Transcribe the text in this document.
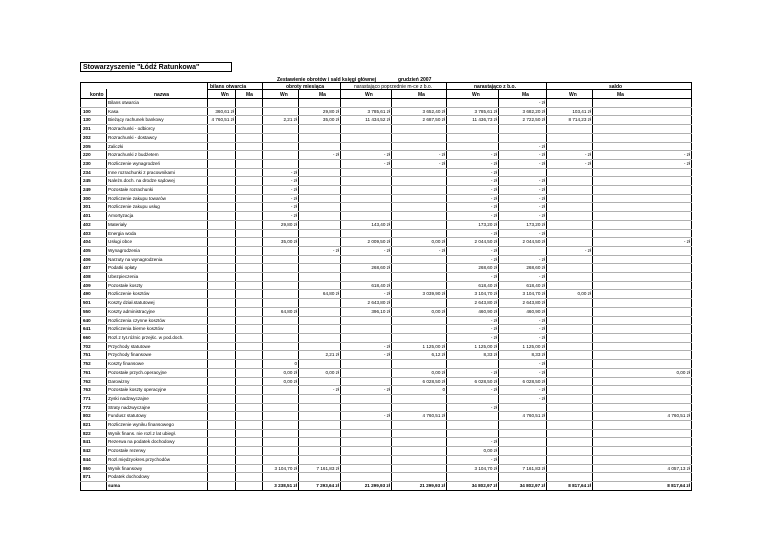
Stowarzyszenie "Łódź Ratunkowa"
Zestawienie obrotów i sald księgi głównej	grudzień 2007
bilans otwarcia	obroty miesiąca	narastająco poprzednie m-ce z b.o.	narastająco z b.o.	saldo
konto	nazwa	Wn	Ma	Wn	Ma	Wn	Ma	Wn	Ma	Wn	Ma
	Bilans otwarcia								- zł		
100	Kasa	360,61 zł			29,80 zł	3 785,61 zł	3 652,40 zł	3 785,61 zł	3 682,20 zł	103,41 zł	
130	Bieżący rachunek bankowy	4 760,51 zł		2,21 zł	35,00 zł	11 434,52 zł	2 687,50 zł	11 436,73 zł	2 722,50 zł	8 714,23 zł	
201	Rozrachunki - odbiorcy										
202	Rozrachunki - dostawcy										
205	Zaliczki								- zł		
220	Rozrachunki z budżetem				- zł	- zł	- zł	- zł	- zł	- zł	- zł
230	Rozliczenie wynagrodzeń					- zł	- zł	- zł	- zł	- zł	- zł
234	Inne rozrachunki z pracownikami			- zł				- zł			
245	Należn.doch. na drodze sądowej			- zł				- zł	- zł		
249	Pozostałe rozrachunki			- zł				- zł	- zł		
300	Rozliczenie zakupu towarów			- zł				- zł	- zł		
301	Rozliczenie zakupu usług			- zł				- zł	- zł		
401	Amortyzacja			- zł				- zł	- zł		
402	Materiały			29,80 zł		143,40 zł		173,20 zł	173,20 zł		
403	Energia woda							- zł	- zł		
404	Usługi obce			35,00 zł		2 009,50 zł	0,00 zł	2 044,50 zł	2 044,50 zł		- zł
405	Wynagrodzenia				- zł	- zł	- zł	- zł		- zł	
406	Narzuty na wynagrodzenia							- zł	- zł		
407	Podatki opłaty					268,60 zł		268,60 zł	268,60 zł		
408	Ubezpieczenia							- zł	- zł		
409	Pozostałe koszty					618,40 zł		618,40 zł	618,40 zł		
490	Rozliczenie kosztów				64,80 zł	- zł	3 039,90 zł	3 104,70 zł	3 104,70 zł	0,00 zł	
501	Koszty dział.statutowej					2 643,80 zł		2 643,80 zł	2 643,80 zł		
550	Koszty administracyjne			64,80 zł		396,10 zł	0,00 zł	460,90 zł	460,90 zł		
640	Rozliczenia czynne kosztów							- zł	- zł		
641	Rozliczenia bierne kosztów							- zł	- zł		
660	Rozl.z tyt.różnic przejśc. w pod.doch.							- zł	- zł		
702	Przychody statutowe					- zł	1 125,00 zł	1 125,00 zł	1 125,00 zł		
751	Przychody finansowe				2,21 zł	- zł	6,12 zł	8,33 zł	8,33 zł		
752	Koszty finansowe			0					- zł		
761	Pozostałe przych.operacyjne			0,00 zł	0,00 zł		0,00 zł	- zł	- zł		0,00 zł
762	Darowizny			0,00 zł			6 028,50 zł	6 028,50 zł	6 028,50 zł		
763	Pozostałe koszty operacyjne				- zł	- zł	0	- zł	- zł		
771	Zyski nadzwyczajne								- zł		
772	Straty nadzwyczajne							- zł			
802	Fundusz statutowy					- zł	4 760,51 zł		4 760,51 zł		4 760,51 zł
821	Rozliczenie wyniku finansowego										
822	Wynik finans. nie rozl.z lat ubiegł.										
841	Rezerwa na podatek dochodowy							- zł			
842	Pozostałe rezerwy							0,00 zł			
844	Rozl.międzyokres.przychodów							- zł			
860	Wynik finansowy			3 104,70 zł	7 161,83 zł			3 104,70 zł	7 161,83 zł		4 057,13 zł
871	Podatek dochodowy										
	suma			3 238,51 zł	7 293,64 zł	21 299,93 zł	21 299,93 zł	34 802,97 zł	34 802,97 zł	8 817,64 zł	8 817,64 zł
